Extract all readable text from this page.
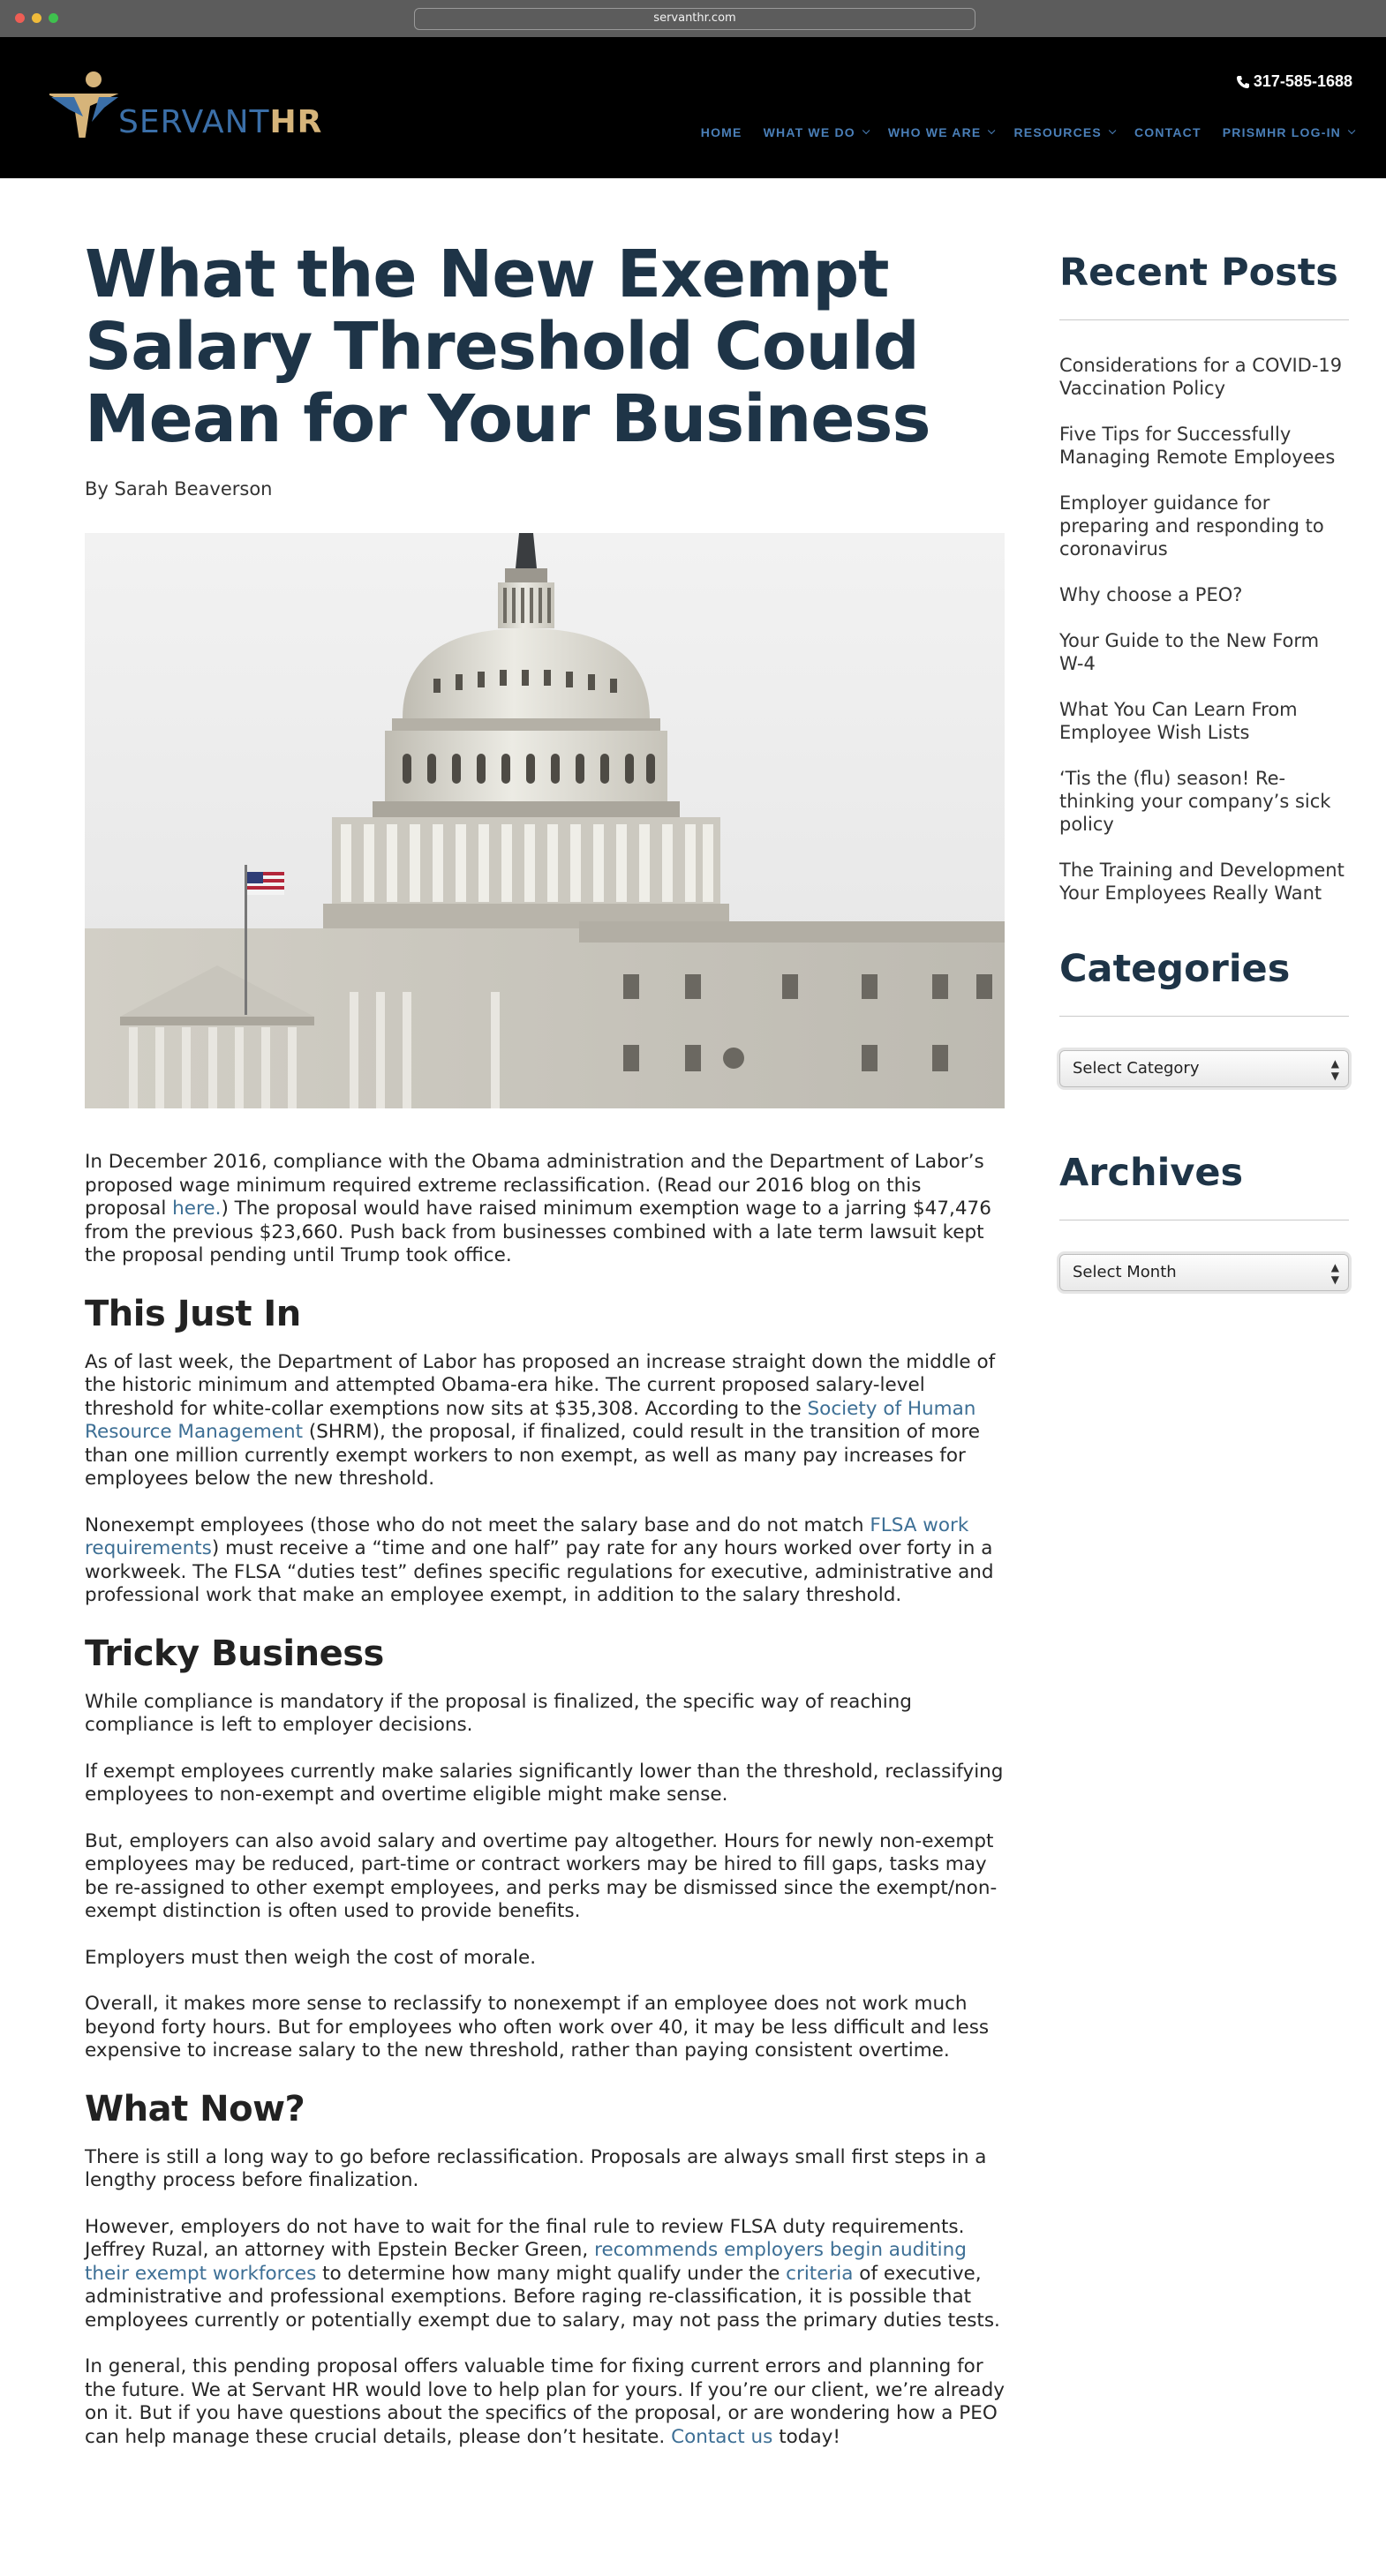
servanthr.com
SERVANTHR
317-585-1688
HOME WHAT WE DO	WHO WE ARE	RESOURCES	CONTACT PRISMHR LOG-IN
What the New Exempt Salary Threshold Could Mean for Your Business
By Sarah Beaverson

In December 2016, compliance with the Obama administration and the Department of Labor’s proposed wage minimum required extreme reclassification. (Read our 2016 blog on this proposal here.) The proposal would have raised minimum exemption wage to a jarring $47,476 from the previous $23,660. Push back from businesses combined with a late term lawsuit kept the proposal pending until Trump took office.

This Just In

As of last week, the Department of Labor has proposed an increase straight down the middle of the historic minimum and attempted Obama-era hike. The current proposed salary-level threshold for white-collar exemptions now sits at $35,308. According to the Society of Human Resource Management (SHRM), the proposal, if finalized, could result in the transition of more than one million currently exempt workers to non exempt, as well as many pay increases for employees below the new threshold.

Nonexempt employees (those who do not meet the salary base and do not match FLSA work requirements) must receive a “time and one half” pay rate for any hours worked over forty in a workweek. The FLSA “duties test” defines specific regulations for executive, administrative and professional work that make an employee exempt, in addition to the salary threshold.

Tricky Business

While compliance is mandatory if the proposal is finalized, the specific way of reaching compliance is left to employer decisions.

If exempt employees currently make salaries significantly lower than the threshold, reclassifying employees to non-exempt and overtime eligible might make sense.

But, employers can also avoid salary and overtime pay altogether. Hours for newly non-exempt employees may be reduced, part-time or contract workers may be hired to fill gaps, tasks may be re-assigned to other exempt employees, and perks may be dismissed since the exempt/non-exempt distinction is often used to provide benefits.

Employers must then weigh the cost of morale.

Overall, it makes more sense to reclassify to nonexempt if an employee does not work much beyond forty hours. But for employees who often work over 40, it may be less difficult and less expensive to increase salary to the new threshold, rather than paying consistent overtime.

What Now?

There is still a long way to go before reclassification. Proposals are always small first steps in a lengthy process before finalization.

However, employers do not have to wait for the final rule to review FLSA duty requirements. Jeffrey Ruzal, an attorney with Epstein Becker Green, recommends employers begin auditing their exempt workforces to determine how many might qualify under the criteria of executive, administrative and professional exemptions. Before raging re-classification, it is possible that employees currently or potentially exempt due to salary, may not pass the primary duties tests.

In general, this pending proposal offers valuable time for fixing current errors and planning for the future. We at Servant HR would love to help plan for yours. If you’re our client, we’re already on it. But if you have questions about the specifics of the proposal, or are wondering how a PEO can help manage these crucial details, please don’t hesitate. Contact us today!

Recent Posts
Considerations for a COVID-19 Vaccination Policy
Five Tips for Successfully Managing Remote Employees
Employer guidance for preparing and responding to coronavirus
Why choose a PEO?
Your Guide to the New Form W-4
What You Can Learn From Employee Wish Lists
‘Tis the (flu) season! Re-thinking your company’s sick policy
The Training and Development Your Employees Really Want
Categories
Select Category	▲
▼
Archives
Select Month	▲
▼
